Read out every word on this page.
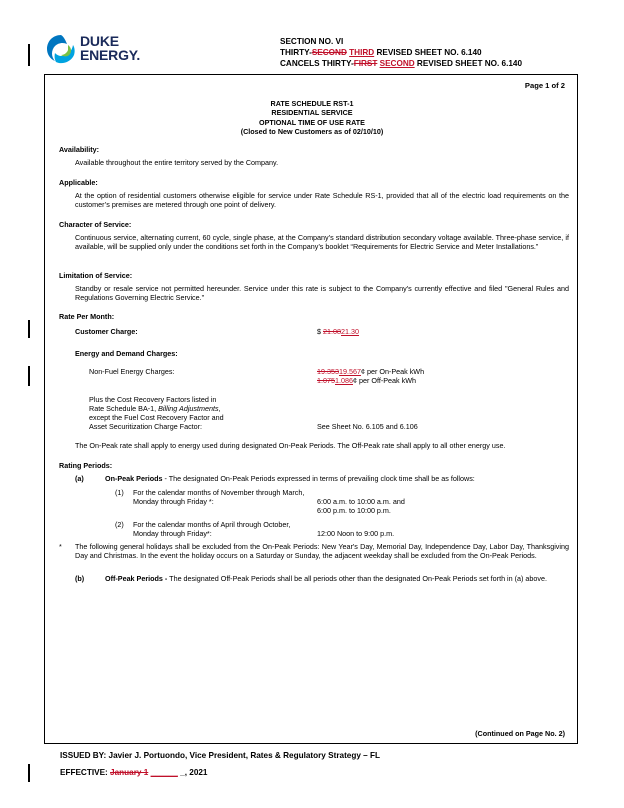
DUKE
ENERGY.
SECTION NO. VI
THIRTY-SECOND THIRD REVISED SHEET NO. 6.140
CANCELS THIRTY-FIRST SECOND REVISED SHEET NO. 6.140
Page 1 of 2
RATE SCHEDULE RST-1
RESIDENTIAL SERVICE
OPTIONAL TIME OF USE RATE
(Closed to New Customers as of 02/10/10)
Availability:
Available throughout the entire territory served by the Company.
Applicable:
At the option of residential customers otherwise eligible for service under Rate Schedule RS-1, provided that all of the electric load requirements on the customer’s premises are metered through one point of delivery.
Character of Service:
Continuous service, alternating current, 60 cycle, single phase, at the Company’s standard distribution secondary voltage available. Three-phase service, if available, will be supplied only under the conditions set forth in the Company’s booklet “Requirements for Electric Service and Meter Installations.”
Limitation of Service:
Standby or resale service not permitted hereunder. Service under this rate is subject to the Company's currently effective and filed "General Rules and Regulations Governing Electric Service."
Rate Per Month:
Customer Charge:	$ 21.0821.30
Energy and Demand Charges:
Non-Fuel Energy Charges:	19.35319.567¢ per On-Peak kWh
1.0751.086¢ per Off-Peak kWh
Plus the Cost Recovery Factors listed in
Rate Schedule BA-1, Billing Adjustments,
except the Fuel Cost Recovery Factor and
Asset Securitization Charge Factor:	See Sheet No. 6.105 and 6.106
The On-Peak rate shall apply to energy used during designated On-Peak Periods. The Off-Peak rate shall apply to all other energy use.
Rating Periods:
(a)	On-Peak Periods - The designated On-Peak Periods expressed in terms of prevailing clock time shall be as follows:
(1) For the calendar months of November through March,
Monday through Friday *:	6:00 a.m. to 10:00 a.m. and
6:00 p.m. to 10:00 p.m.
(2) For the calendar months of April through October,
Monday through Friday*:	12:00 Noon to 9:00 p.m.
* The following general holidays shall be excluded from the On-Peak Periods: New Year's Day, Memorial Day, Independence Day, Labor Day, Thanksgiving Day and Christmas. In the event the holiday occurs on a Saturday or Sunday, the adjacent weekday shall be excluded from the On-Peak Periods.
(b)	Off-Peak Periods - The designated Off-Peak Periods shall be all periods other than the designated On-Peak Periods set forth in (a) above.
(Continued on Page No. 2)
ISSUED BY: Javier J. Portuondo, Vice President, Rates & Regulatory Strategy – FL
EFFECTIVE: January 1 ______ _, 2021
